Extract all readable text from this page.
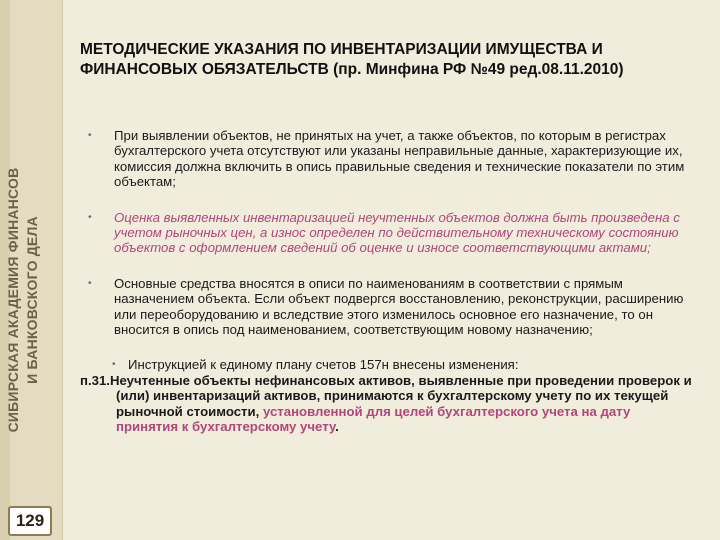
СИБИРСКАЯ АКАДЕМИЯ ФИНАНСОВ И БАНКОВСКОГО ДЕЛА
129
МЕТОДИЧЕСКИЕ УКАЗАНИЯ ПО ИНВЕНТАРИЗАЦИИ ИМУЩЕСТВА И ФИНАНСОВЫХ ОБЯЗАТЕЛЬСТВ (пр. Минфина РФ №49 ред.08.11.2010)
• При выявлении объектов, не принятых на учет, а также объектов, по которым в регистрах бухгалтерского учета отсутствуют или указаны неправильные данные, характеризующие их, комиссия должна включить в опись правильные сведения и технические показатели по этим объектам;
• Оценка выявленных инвентаризацией неучтенных объектов должна быть произведена с учетом рыночных цен, а износ определен по действительному техническому состоянию объектов с оформлением сведений об оценке и износе соответствующими актами;
• Основные средства вносятся в описи по наименованиям в соответствии с прямым назначением объекта. Если объект подвергся восстановлению, реконструкции, расширению или переоборудованию и вследствие этого изменилось основное его назначение, то он вносится в опись под наименованием, соответствующим новому назначению;
• Инструкцией к единому плану счетов 157н внесены изменения:
п.31.Неучтенные объекты нефинансовых активов, выявленные при проведении проверок и (или) инвентаризаций активов, принимаются к бухгалтерскому учету по их текущей рыночной стоимости, установленной для целей бухгалтерского учета на дату принятия к бухгалтерскому учету.
